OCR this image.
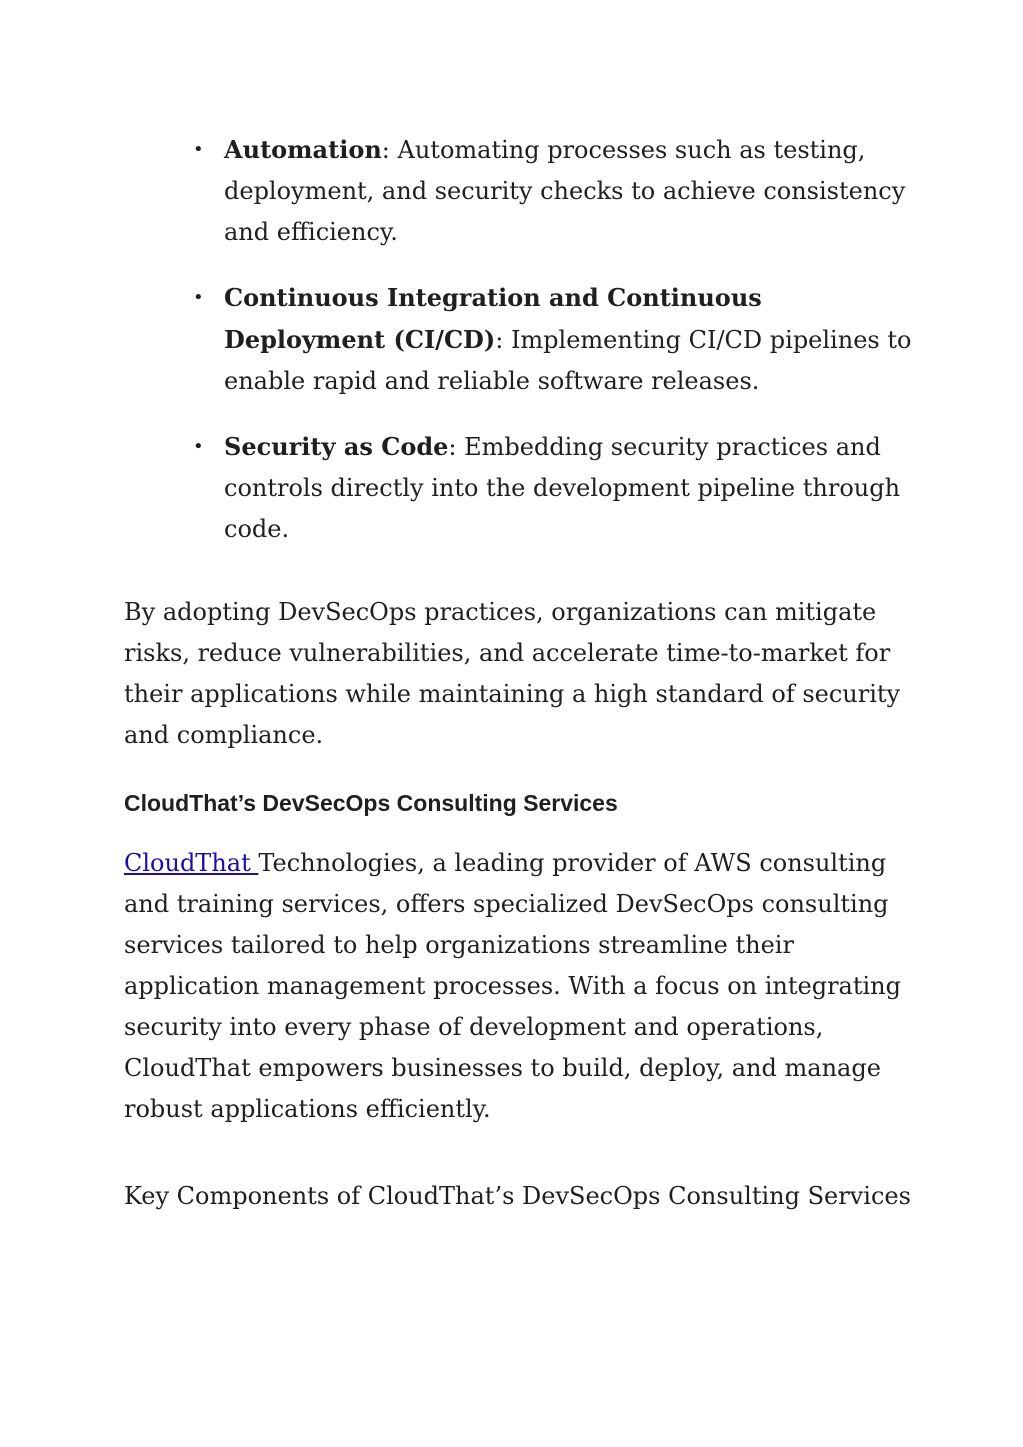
• Automation: Automating processes such as testing, deployment, and security checks to achieve consistency and efficiency.
• Continuous Integration and Continuous Deployment (CI/CD): Implementing CI/CD pipelines to enable rapid and reliable software releases.
• Security as Code: Embedding security practices and controls directly into the development pipeline through code.

By adopting DevSecOps practices, organizations can mitigate risks, reduce vulnerabilities, and accelerate time-to-market for their applications while maintaining a high standard of security and compliance.

CloudThat’s DevSecOps Consulting Services

CloudThat Technologies, a leading provider of AWS consulting and training services, offers specialized DevSecOps consulting services tailored to help organizations streamline their application management processes. With a focus on integrating security into every phase of development and operations, CloudThat empowers businesses to build, deploy, and manage robust applications efficiently.

Key Components of CloudThat’s DevSecOps Consulting Services
